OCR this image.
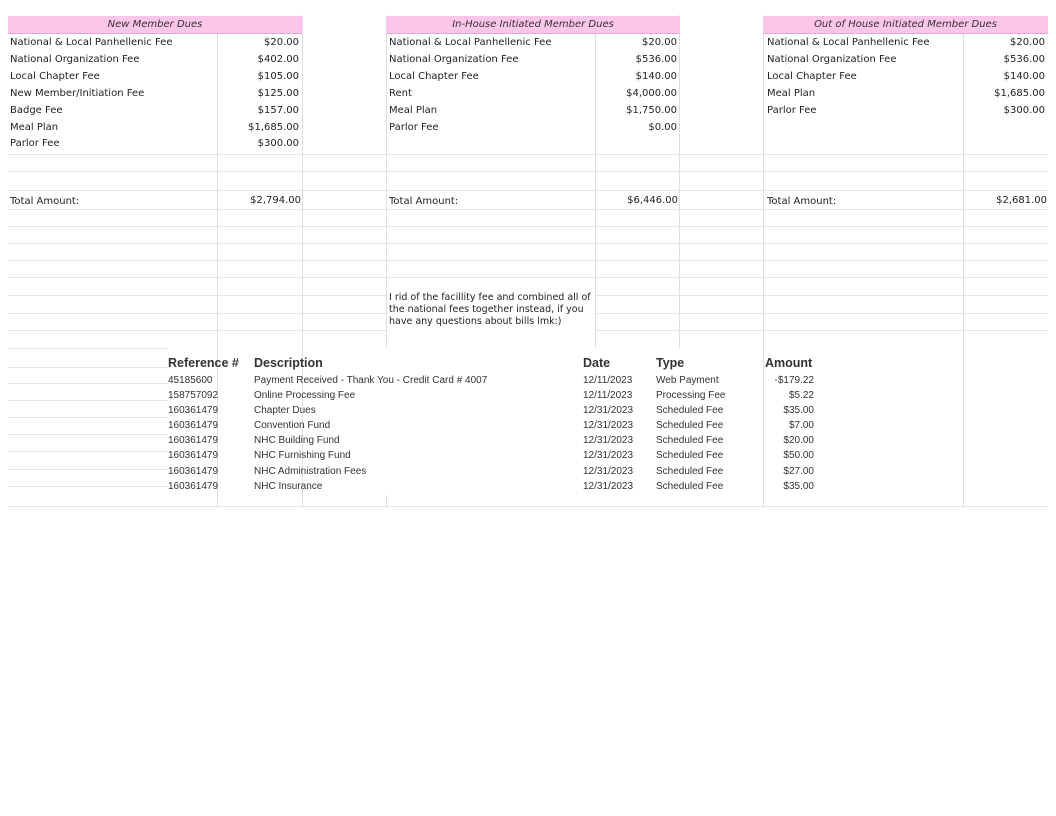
New Member Dues
National & Local Panhellenic Fee	$20.00
National Organization Fee	$402.00
Local Chapter Fee	$105.00
New Member/Initiation Fee	$125.00
Badge Fee	$157.00
Meal Plan	$1,685.00
Parlor Fee	$300.00
Total Amount:	$2,794.00
In-House Initiated Member Dues
National & Local Panhellenic Fee	$20.00
National Organization Fee	$536.00
Local Chapter Fee	$140.00
Rent	$4,000.00
Meal Plan	$1,750.00
Parlor Fee	$0.00
Total Amount:	$6,446.00
Out of House Initiated Member Dues
National & Local Panhellenic Fee	$20.00
National Organization Fee	$536.00
Local Chapter Fee	$140.00
Meal Plan	$1,685.00
Parlor Fee	$300.00
Total Amount:	$2,681.00
I rid of the facillity fee and combined all of the national fees together instead, if you have any questions about bills lmk:)
Reference # Description	Date	Type	Amount
45185600	Payment Received - Thank You - Credit Card # 4007	12/11/2023 Web Payment	-$179.22
158757092	Online Processing Fee	12/11/2023 Processing Fee	$5.22
160361479	Chapter Dues	12/31/2023 Scheduled Fee	$35.00
160361479	Convention Fund	12/31/2023 Scheduled Fee	$7.00
160361479	NHC Building Fund	12/31/2023 Scheduled Fee	$20.00
160361479	NHC Furnishing Fund	12/31/2023 Scheduled Fee	$50.00
160361479	NHC Administration Fees	12/31/2023 Scheduled Fee	$27.00
160361479	NHC Insurance	12/31/2023 Scheduled Fee	$35.00
